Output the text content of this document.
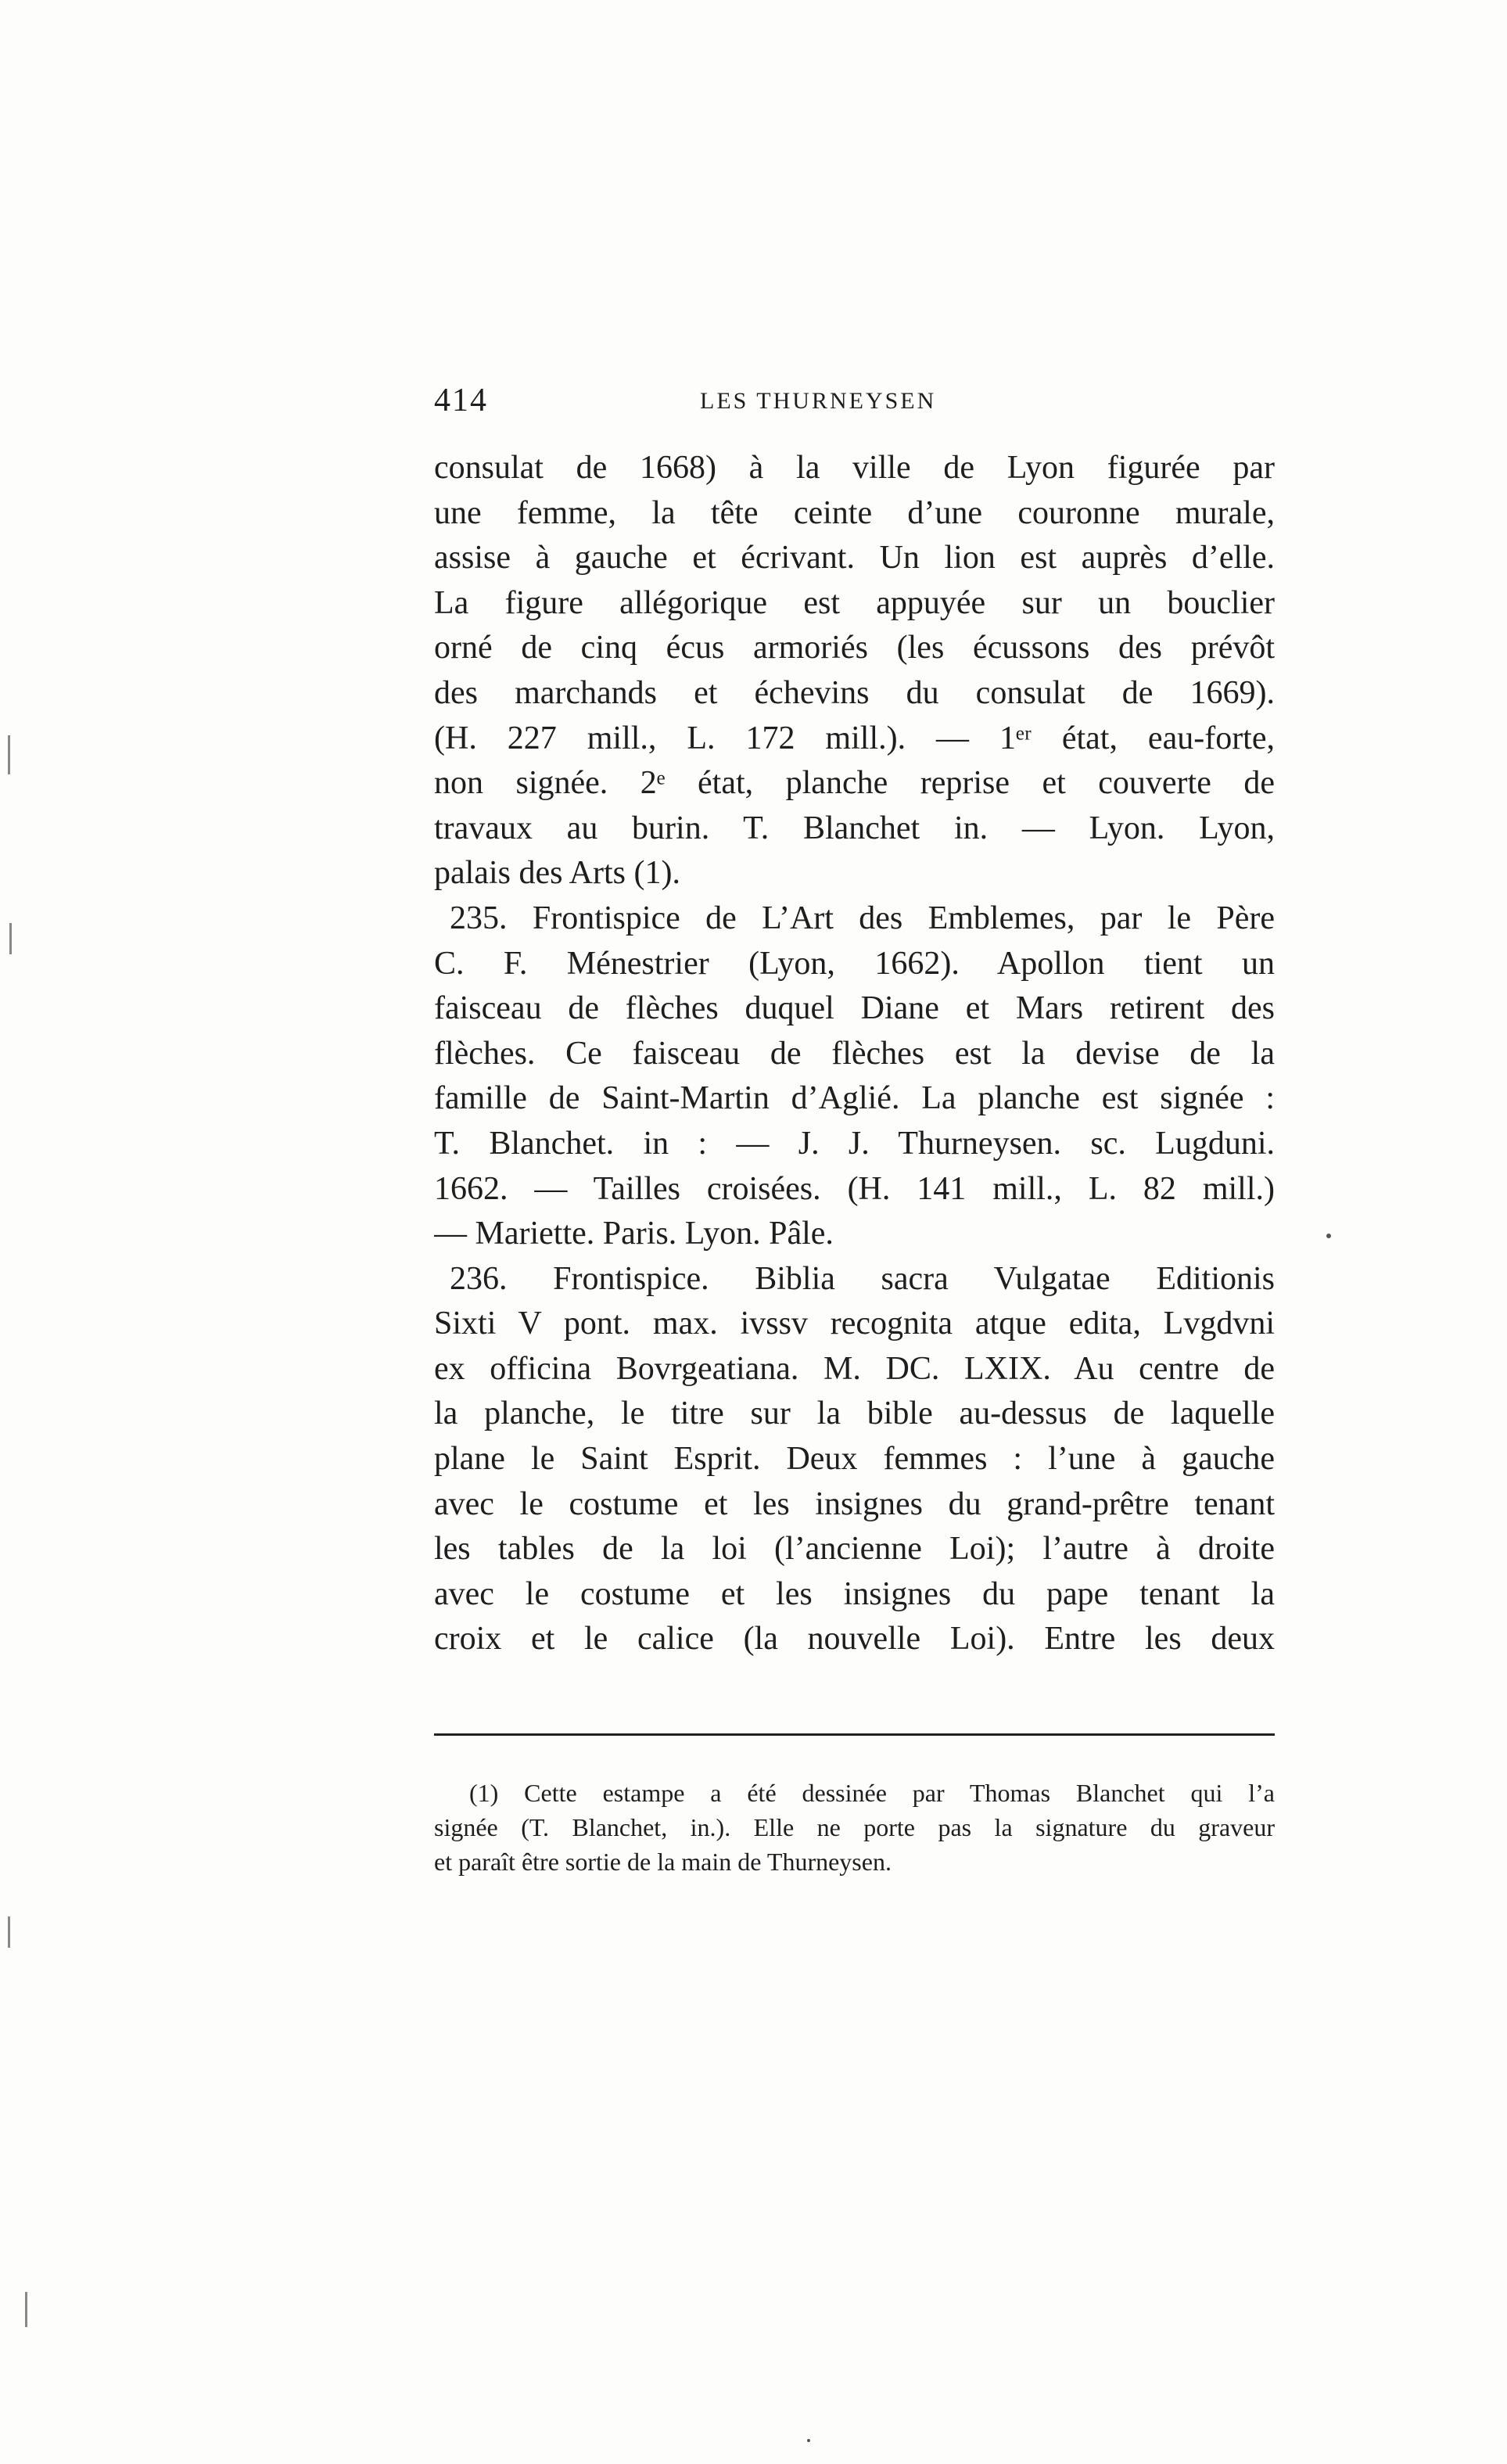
414	LES THURNEYSEN
consulat de 1668) à la ville de Lyon figurée par
une femme, la tête ceinte d’une couronne murale,
assise à gauche et écrivant. Un lion est auprès d’elle.
La figure allégorique est appuyée sur un bouclier
orné de cinq écus armoriés (les écussons des prévôt
des marchands et échevins du consulat de 1669).
(H. 227 mill., L. 172 mill.). — 1ᵉʳ état, eau-forte,
non signée. 2ᵉ état, planche reprise et couverte de
travaux au burin. T. Blanchet in. — Lyon. Lyon,
palais des Arts (1).
235. Frontispice de L’Art des Emblemes, par le Père
C. F. Ménestrier (Lyon, 1662). Apollon tient un
faisceau de flèches duquel Diane et Mars retirent des
flèches. Ce faisceau de flèches est la devise de la
famille de Saint-Martin d’Aglié. La planche est signée :
T. Blanchet. in : — J. J. Thurneysen. sc. Lugduni.
1662. — Tailles croisées. (H. 141 mill., L. 82 mill.)
— Mariette. Paris. Lyon. Pâle.
236. Frontispice. Biblia sacra Vulgatae Editionis
Sixti V pont. max. ivssv recognita atque edita, Lvgdvni
ex officina Bovrgeatiana. M. DC. LXIX. Au centre de
la planche, le titre sur la bible au-dessus de laquelle
plane le Saint Esprit. Deux femmes : l’une à gauche
avec le costume et les insignes du grand-prêtre tenant
les tables de la loi (l’ancienne Loi); l’autre à droite
avec le costume et les insignes du pape tenant la
croix et le calice (la nouvelle Loi). Entre les deux
(1) Cette estampe a été dessinée par Thomas Blanchet qui l’a
signée (T. Blanchet, in.). Elle ne porte pas la signature du graveur
et paraît être sortie de la main de Thurneysen.
